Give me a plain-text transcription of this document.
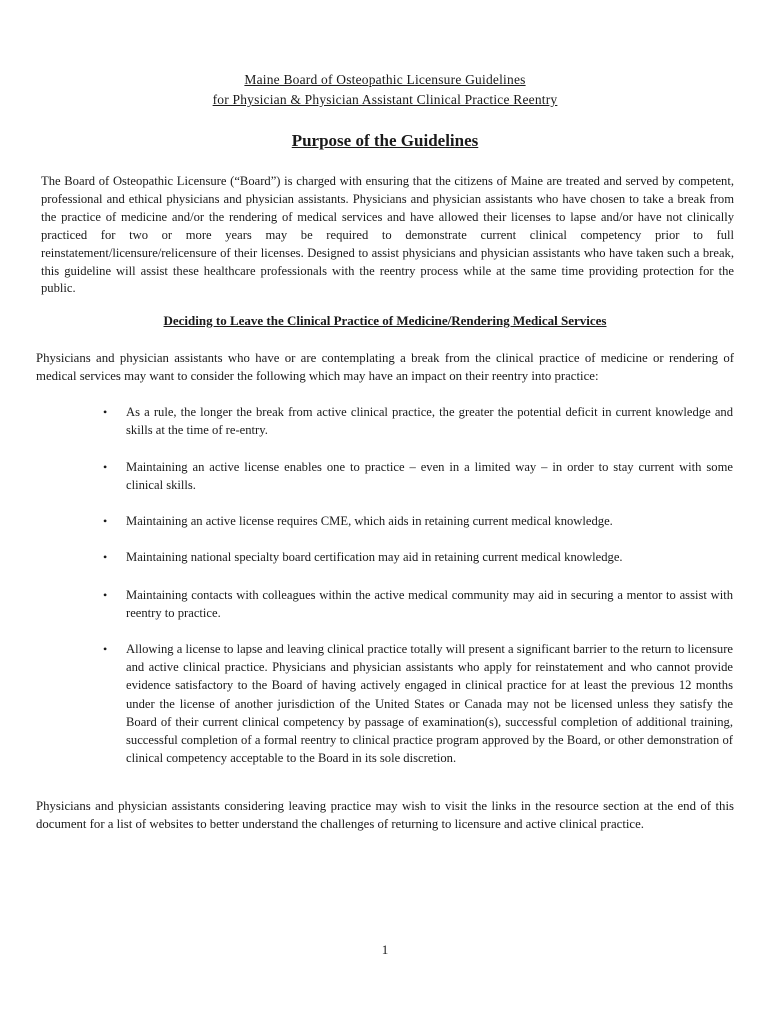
Maine Board of Osteopathic Licensure Guidelines
for Physician & Physician Assistant Clinical Practice Reentry
Purpose of the Guidelines
The Board of Osteopathic Licensure (“Board”) is charged with ensuring that the citizens of Maine are treated and served by competent, professional and ethical physicians and physician assistants. Physicians and physician assistants who have chosen to take a break from the practice of medicine and/or the rendering of medical services and have allowed their licenses to lapse and/or have not clinically practiced for two or more years may be required to demonstrate current clinical competency prior to full reinstatement/licensure/relicensure of their licenses. Designed to assist physicians and physician assistants who have taken such a break, this guideline will assist these healthcare professionals with the reentry process while at the same time providing protection for the public.
Deciding to Leave the Clinical Practice of Medicine/Rendering Medical Services
Physicians and physician assistants who have or are contemplating a break from the clinical practice of medicine or rendering of medical services may want to consider the following which may have an impact on their reentry into practice:
• As a rule, the longer the break from active clinical practice, the greater the potential deficit in current knowledge and skills at the time of re-entry.
• Maintaining an active license enables one to practice – even in a limited way – in order to stay current with some clinical skills.
• Maintaining an active license requires CME, which aids in retaining current medical knowledge.
• Maintaining national specialty board certification may aid in retaining current medical knowledge.
• Maintaining contacts with colleagues within the active medical community may aid in securing a mentor to assist with reentry to practice.
• Allowing a license to lapse and leaving clinical practice totally will present a significant barrier to the return to licensure and active clinical practice. Physicians and physician assistants who apply for reinstatement and who cannot provide evidence satisfactory to the Board of having actively engaged in clinical practice for at least the previous 12 months under the license of another jurisdiction of the United States or Canada may not be licensed unless they satisfy the Board of their current clinical competency by passage of examination(s), successful completion of additional training, successful completion of a formal reentry to clinical practice program approved by the Board, or other demonstration of clinical competency acceptable to the Board in its sole discretion.
Physicians and physician assistants considering leaving practice may wish to visit the links in the resource section at the end of this document for a list of websites to better understand the challenges of returning to licensure and active clinical practice.
1
